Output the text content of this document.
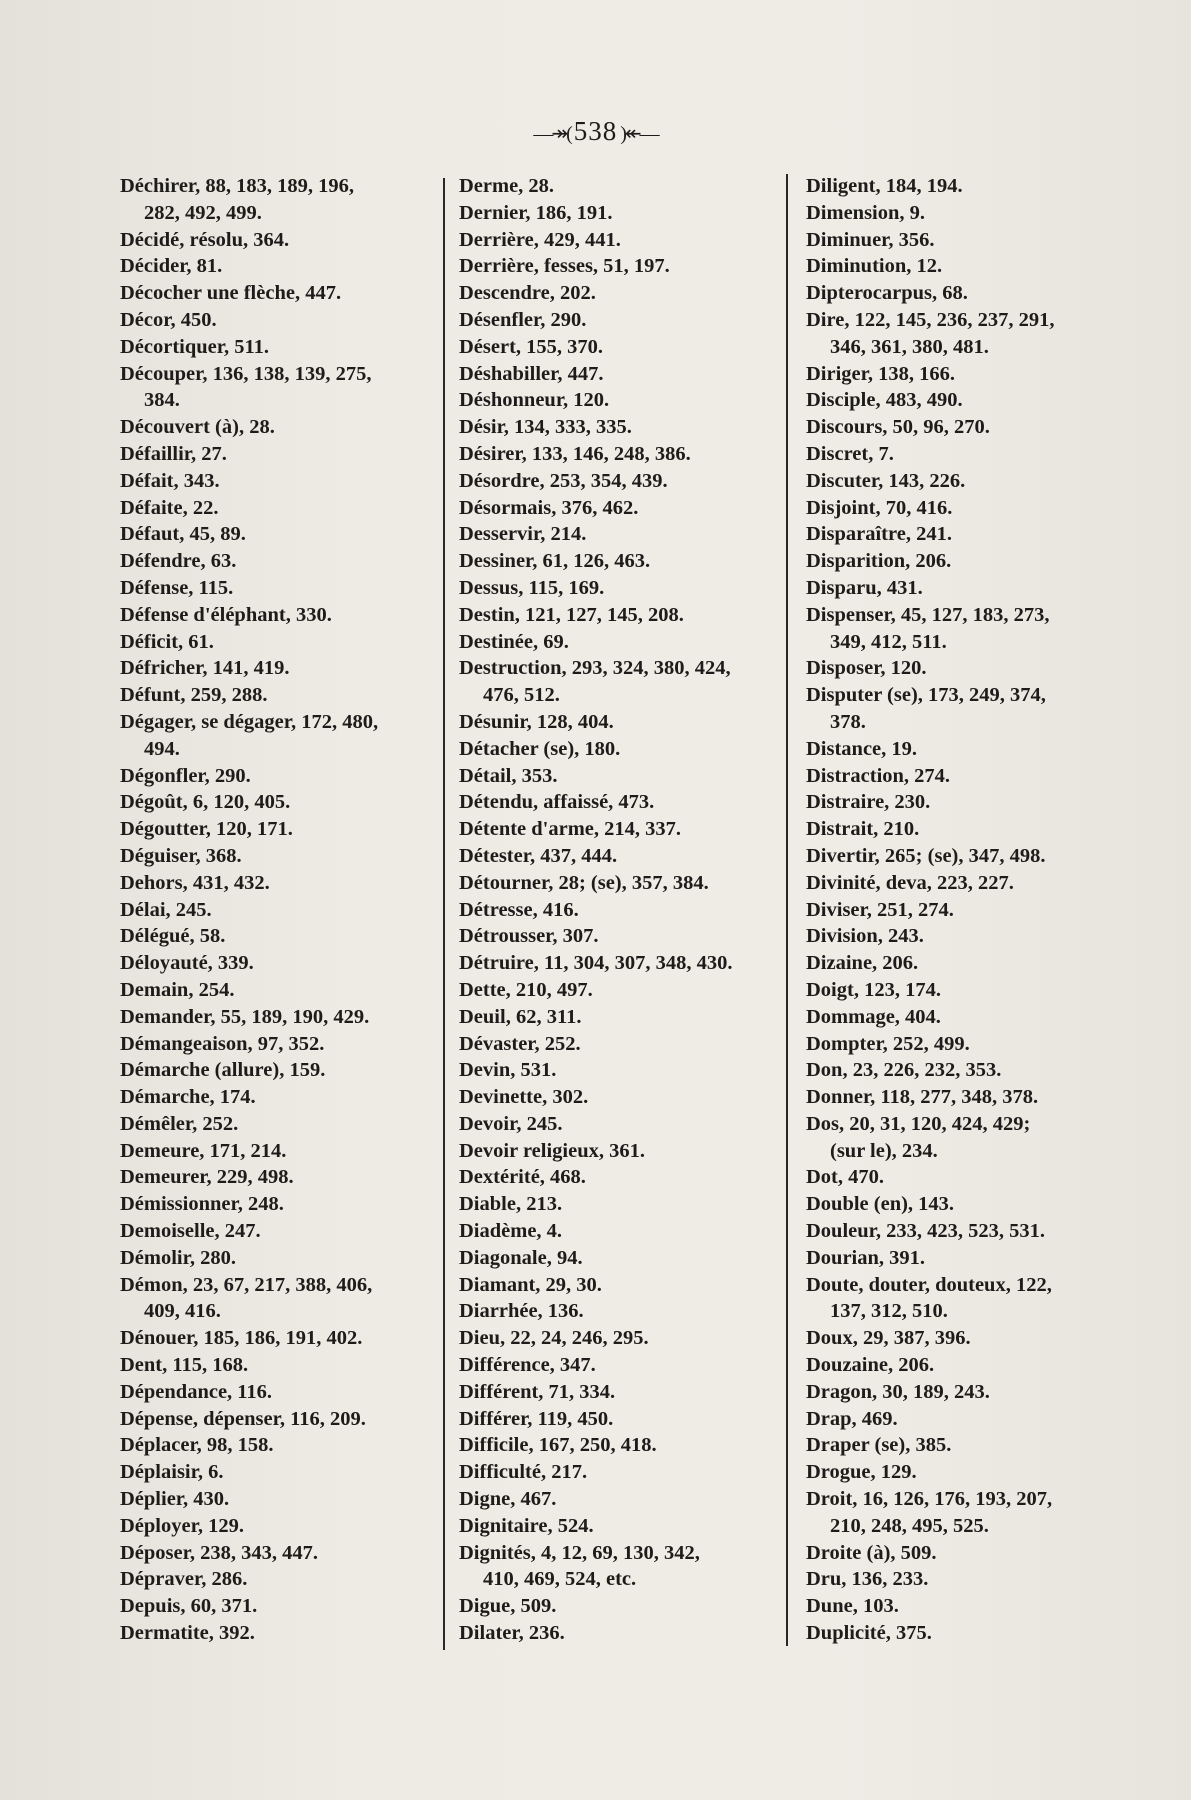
—↠( 538 )↞—
Déchirer, 88, 183, 189, 196,
282, 492, 499.
Décidé, résolu, 364.
Décider, 81.
Décocher une flèche, 447.
Décor, 450.
Décortiquer, 511.
Découper, 136, 138, 139, 275,
384.
Découvert (à), 28.
Défaillir, 27.
Défait, 343.
Défaite, 22.
Défaut, 45, 89.
Défendre, 63.
Défense, 115.
Défense d'éléphant, 330.
Déficit, 61.
Défricher, 141, 419.
Défunt, 259, 288.
Dégager, se dégager, 172, 480,
494.
Dégonfler, 290.
Dégoût, 6, 120, 405.
Dégoutter, 120, 171.
Déguiser, 368.
Dehors, 431, 432.
Délai, 245.
Délégué, 58.
Déloyauté, 339.
Demain, 254.
Demander, 55, 189, 190, 429.
Démangeaison, 97, 352.
Démarche (allure), 159.
Démarche, 174.
Démêler, 252.
Demeure, 171, 214.
Demeurer, 229, 498.
Démissionner, 248.
Demoiselle, 247.
Démolir, 280.
Démon, 23, 67, 217, 388, 406,
409, 416.
Dénouer, 185, 186, 191, 402.
Dent, 115, 168.
Dépendance, 116.
Dépense, dépenser, 116, 209.
Déplacer, 98, 158.
Déplaisir, 6.
Déplier, 430.
Déployer, 129.
Déposer, 238, 343, 447.
Dépraver, 286.
Depuis, 60, 371.
Dermatite, 392.
Derme, 28.
Dernier, 186, 191.
Derrière, 429, 441.
Derrière, fesses, 51, 197.
Descendre, 202.
Désenfler, 290.
Désert, 155, 370.
Déshabiller, 447.
Déshonneur, 120.
Désir, 134, 333, 335.
Désirer, 133, 146, 248, 386.
Désordre, 253, 354, 439.
Désormais, 376, 462.
Desservir, 214.
Dessiner, 61, 126, 463.
Dessus, 115, 169.
Destin, 121, 127, 145, 208.
Destinée, 69.
Destruction, 293, 324, 380, 424,
476, 512.
Désunir, 128, 404.
Détacher (se), 180.
Détail, 353.
Détendu, affaissé, 473.
Détente d'arme, 214, 337.
Détester, 437, 444.
Détourner, 28; (se), 357, 384.
Détresse, 416.
Détrousser, 307.
Détruire, 11, 304, 307, 348, 430.
Dette, 210, 497.
Deuil, 62, 311.
Dévaster, 252.
Devin, 531.
Devinette, 302.
Devoir, 245.
Devoir religieux, 361.
Dextérité, 468.
Diable, 213.
Diadème, 4.
Diagonale, 94.
Diamant, 29, 30.
Diarrhée, 136.
Dieu, 22, 24, 246, 295.
Différence, 347.
Différent, 71, 334.
Différer, 119, 450.
Difficile, 167, 250, 418.
Difficulté, 217.
Digne, 467.
Dignitaire, 524.
Dignités, 4, 12, 69, 130, 342,
410, 469, 524, etc.
Digue, 509.
Dilater, 236.
Diligent, 184, 194.
Dimension, 9.
Diminuer, 356.
Diminution, 12.
Dipterocarpus, 68.
Dire, 122, 145, 236, 237, 291,
346, 361, 380, 481.
Diriger, 138, 166.
Disciple, 483, 490.
Discours, 50, 96, 270.
Discret, 7.
Discuter, 143, 226.
Disjoint, 70, 416.
Disparaître, 241.
Disparition, 206.
Disparu, 431.
Dispenser, 45, 127, 183, 273,
349, 412, 511.
Disposer, 120.
Disputer (se), 173, 249, 374,
378.
Distance, 19.
Distraction, 274.
Distraire, 230.
Distrait, 210.
Divertir, 265; (se), 347, 498.
Divinité, deva, 223, 227.
Diviser, 251, 274.
Division, 243.
Dizaine, 206.
Doigt, 123, 174.
Dommage, 404.
Dompter, 252, 499.
Don, 23, 226, 232, 353.
Donner, 118, 277, 348, 378.
Dos, 20, 31, 120, 424, 429;
(sur le), 234.
Dot, 470.
Double (en), 143.
Douleur, 233, 423, 523, 531.
Dourian, 391.
Doute, douter, douteux, 122,
137, 312, 510.
Doux, 29, 387, 396.
Douzaine, 206.
Dragon, 30, 189, 243.
Drap, 469.
Draper (se), 385.
Drogue, 129.
Droit, 16, 126, 176, 193, 207,
210, 248, 495, 525.
Droite (à), 509.
Dru, 136, 233.
Dune, 103.
Duplicité, 375.
